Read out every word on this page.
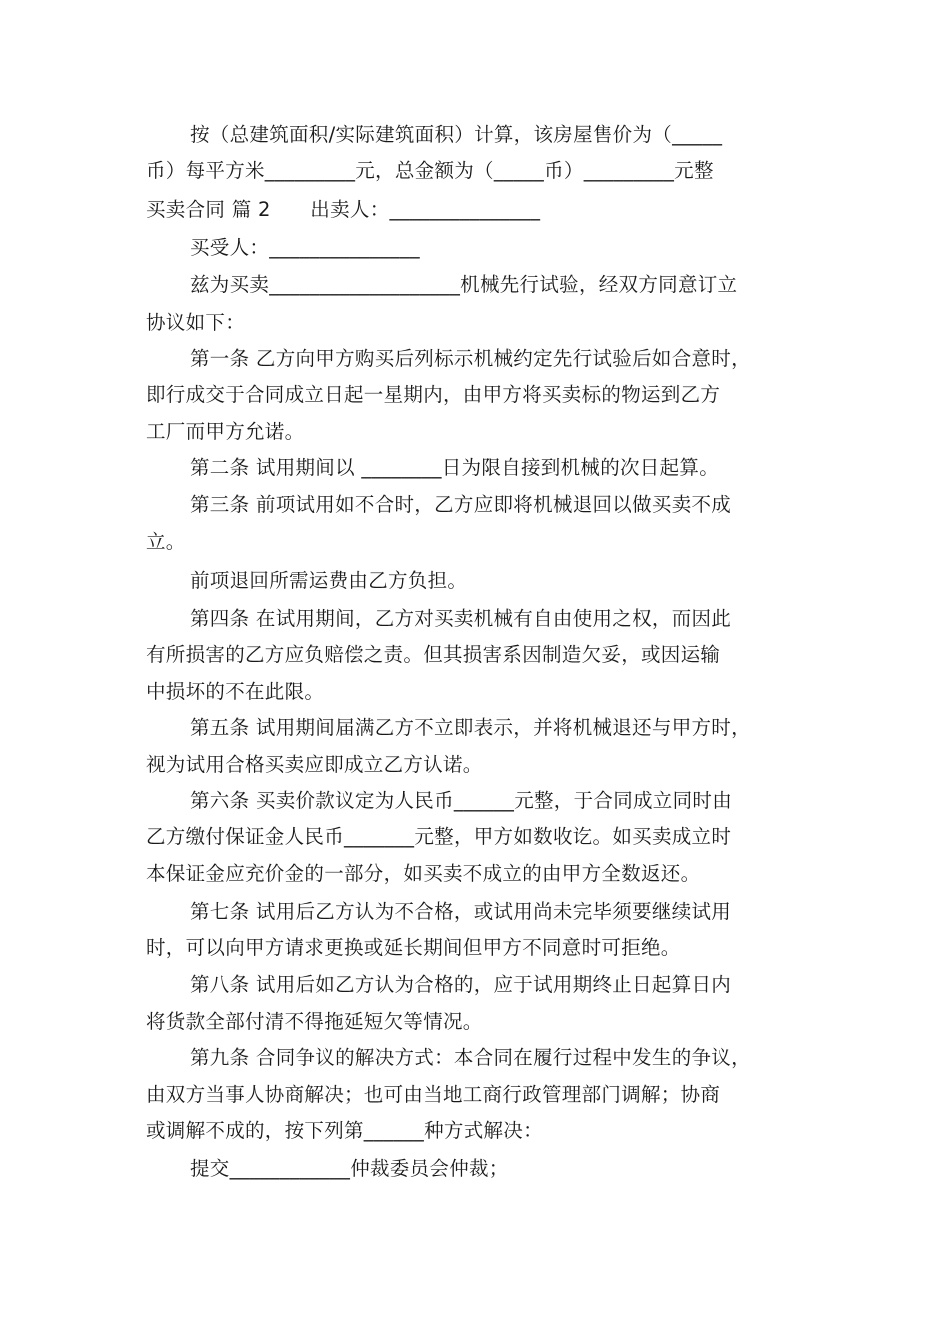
按（总建筑面积/实际建筑面积）计算，该房屋售价为（_____
币）每平方米_________元，总金额为（_____币）_________元整
买卖合同 篇 2　　出卖人：_______________
买受人：_______________
兹为买卖___________________机械先行试验，经双方同意订立
协议如下：
第一条 乙方向甲方购买后列标示机械约定先行试验后如合意时，
即行成交于合同成立日起一星期内，由甲方将买卖标的物运到乙方
工厂而甲方允诺。
第二条 试用期间以 ________日为限自接到机械的次日起算。
第三条 前项试用如不合时，乙方应即将机械退回以做买卖不成
立。
前项退回所需运费由乙方负担。
第四条 在试用期间，乙方对买卖机械有自由使用之权，而因此
有所损害的乙方应负赔偿之责。但其损害系因制造欠妥，或因运输
中损坏的不在此限。
第五条 试用期间届满乙方不立即表示，并将机械退还与甲方时，
视为试用合格买卖应即成立乙方认诺。
第六条 买卖价款议定为人民币______元整，于合同成立同时由
乙方缴付保证金人民币_______元整，甲方如数收讫。如买卖成立时
本保证金应充价金的一部分，如买卖不成立的由甲方全数返还。
第七条 试用后乙方认为不合格，或试用尚未完毕须要继续试用
时，可以向甲方请求更换或延长期间但甲方不同意时可拒绝。
第八条 试用后如乙方认为合格的，应于试用期终止日起算日内
将货款全部付清不得拖延短欠等情况。
第九条 合同争议的解决方式：本合同在履行过程中发生的争议，
由双方当事人协商解决；也可由当地工商行政管理部门调解；协商
或调解不成的，按下列第______种方式解决：
提交____________仲裁委员会仲裁；
